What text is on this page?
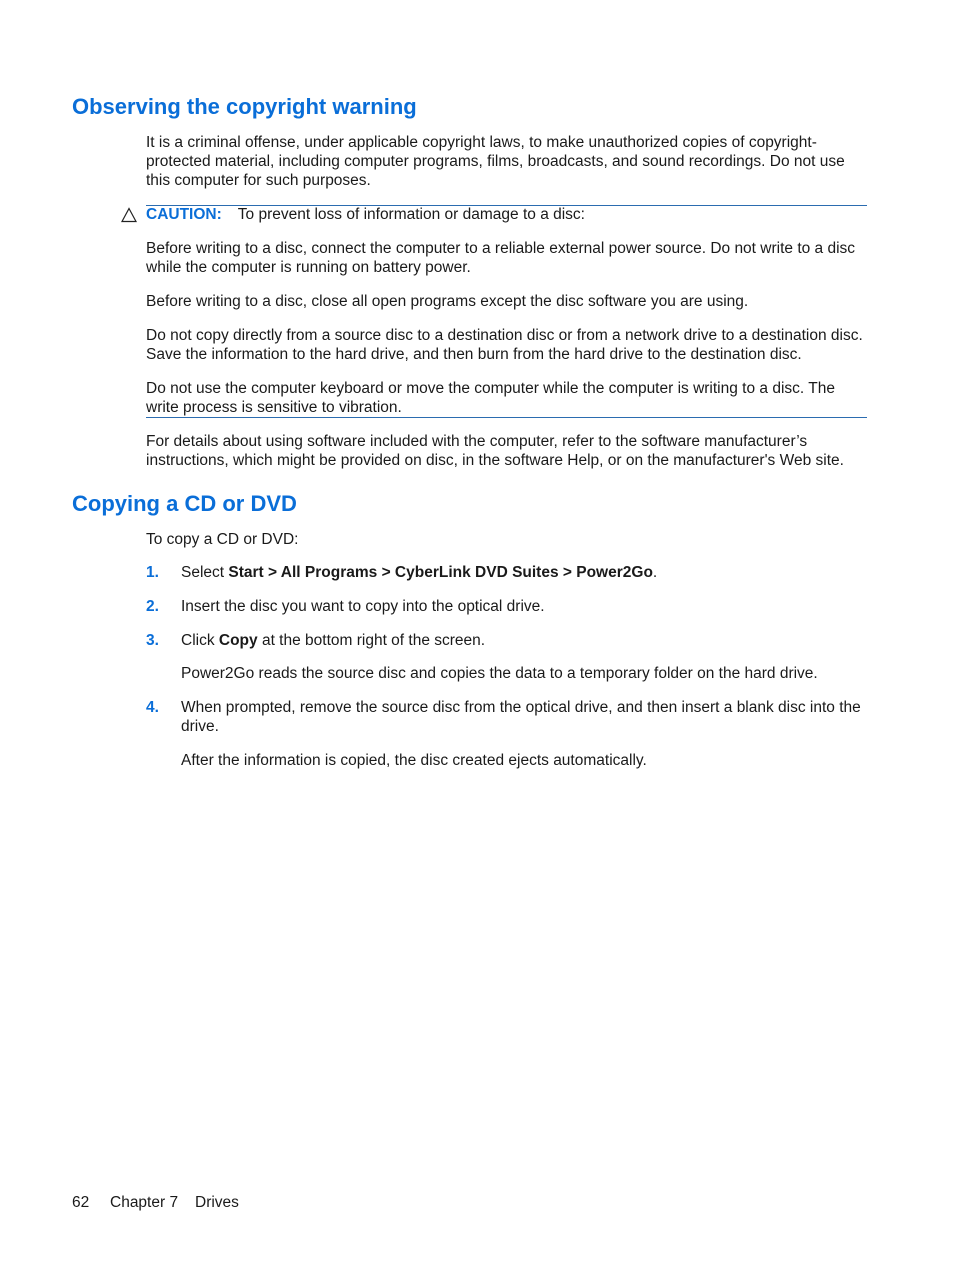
Observing the copyright warning

It is a criminal offense, under applicable copyright laws, to make unauthorized copies of copyright-protected material, including computer programs, films, broadcasts, and sound recordings. Do not use this computer for such purposes.

CAUTION: To prevent loss of information or damage to a disc:

Before writing to a disc, connect the computer to a reliable external power source. Do not write to a disc while the computer is running on battery power.

Before writing to a disc, close all open programs except the disc software you are using.

Do not copy directly from a source disc to a destination disc or from a network drive to a destination disc. Save the information to the hard drive, and then burn from the hard drive to the destination disc.

Do not use the computer keyboard or move the computer while the computer is writing to a disc. The write process is sensitive to vibration.

For details about using software included with the computer, refer to the software manufacturer’s instructions, which might be provided on disc, in the software Help, or on the manufacturer's Web site.

Copying a CD or DVD

To copy a CD or DVD:

1. Select Start > All Programs > CyberLink DVD Suites > Power2Go.

2. Insert the disc you want to copy into the optical drive.

3. Click Copy at the bottom right of the screen.

Power2Go reads the source disc and copies the data to a temporary folder on the hard drive.

4. When prompted, remove the source disc from the optical drive, and then insert a blank disc into the drive.

After the information is copied, the disc created ejects automatically.

62 Chapter 7 Drives
